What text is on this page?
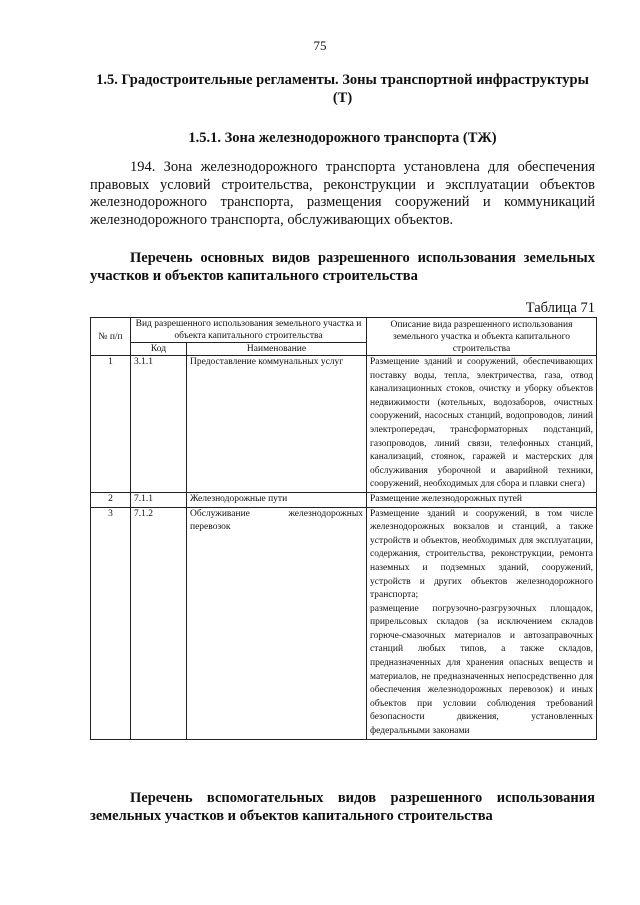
75
1.5. Градостроительные регламенты. Зоны транспортной инфраструктуры (Т)
1.5.1. Зона железнодорожного транспорта (ТЖ)

194. Зона железнодорожного транспорта установлена для обеспечения правовых условий строительства, реконструкции и эксплуатации объектов железнодорожного транспорта, размещения сооружений и коммуникаций железнодорожного транспорта, обслуживающих объектов.

Перечень основных видов разрешенного использования земельных участков и объектов капитального строительства

Таблица 71
№ п/п	Вид разрешенного использования земельного участка и объекта капитального строительства		Описание вида разрешенного использования земельного участка и объекта капитального строительства
	Код	Наименование	
1	3.1.1	Предоставление коммунальных услуг	Размещение зданий и сооружений, обеспечивающих поставку воды, тепла, электричества, газа, отвод канализационных стоков, очистку и уборку объектов недвижимости (котельных, водозаборов, очистных сооружений, насосных станций, водопроводов, линий электропередач, трансформаторных подстанций, газопроводов, линий связи, телефонных станций, канализаций, стоянок, гаражей и мастерских для обслуживания уборочной и аварийной техники, сооружений, необходимых для сбора и плавки снега)
2	7.1.1	Железнодорожные пути	Размещение железнодорожных путей
3	7.1.2	Обслуживание железнодорожных перевозок	Размещение зданий и сооружений, в том числе железнодорожных вокзалов и станций, а также устройств и объектов, необходимых для эксплуатации, содержания, строительства, реконструкции, ремонта наземных и подземных зданий, сооружений, устройств и других объектов железнодорожного транспорта;
размещение погрузочно-разгрузочных площадок, прирельсовых складов (за исключением складов горюче-смазочных материалов и автозаправочных станций любых типов, а также складов, предназначенных для хранения опасных веществ и материалов, не предназначенных непосредственно для обеспечения железнодорожных перевозок) и иных объектов при условии соблюдения требований безопасности движения, установленных федеральными законами

Перечень вспомогательных видов разрешенного использования земельных участков и объектов капитального строительства
